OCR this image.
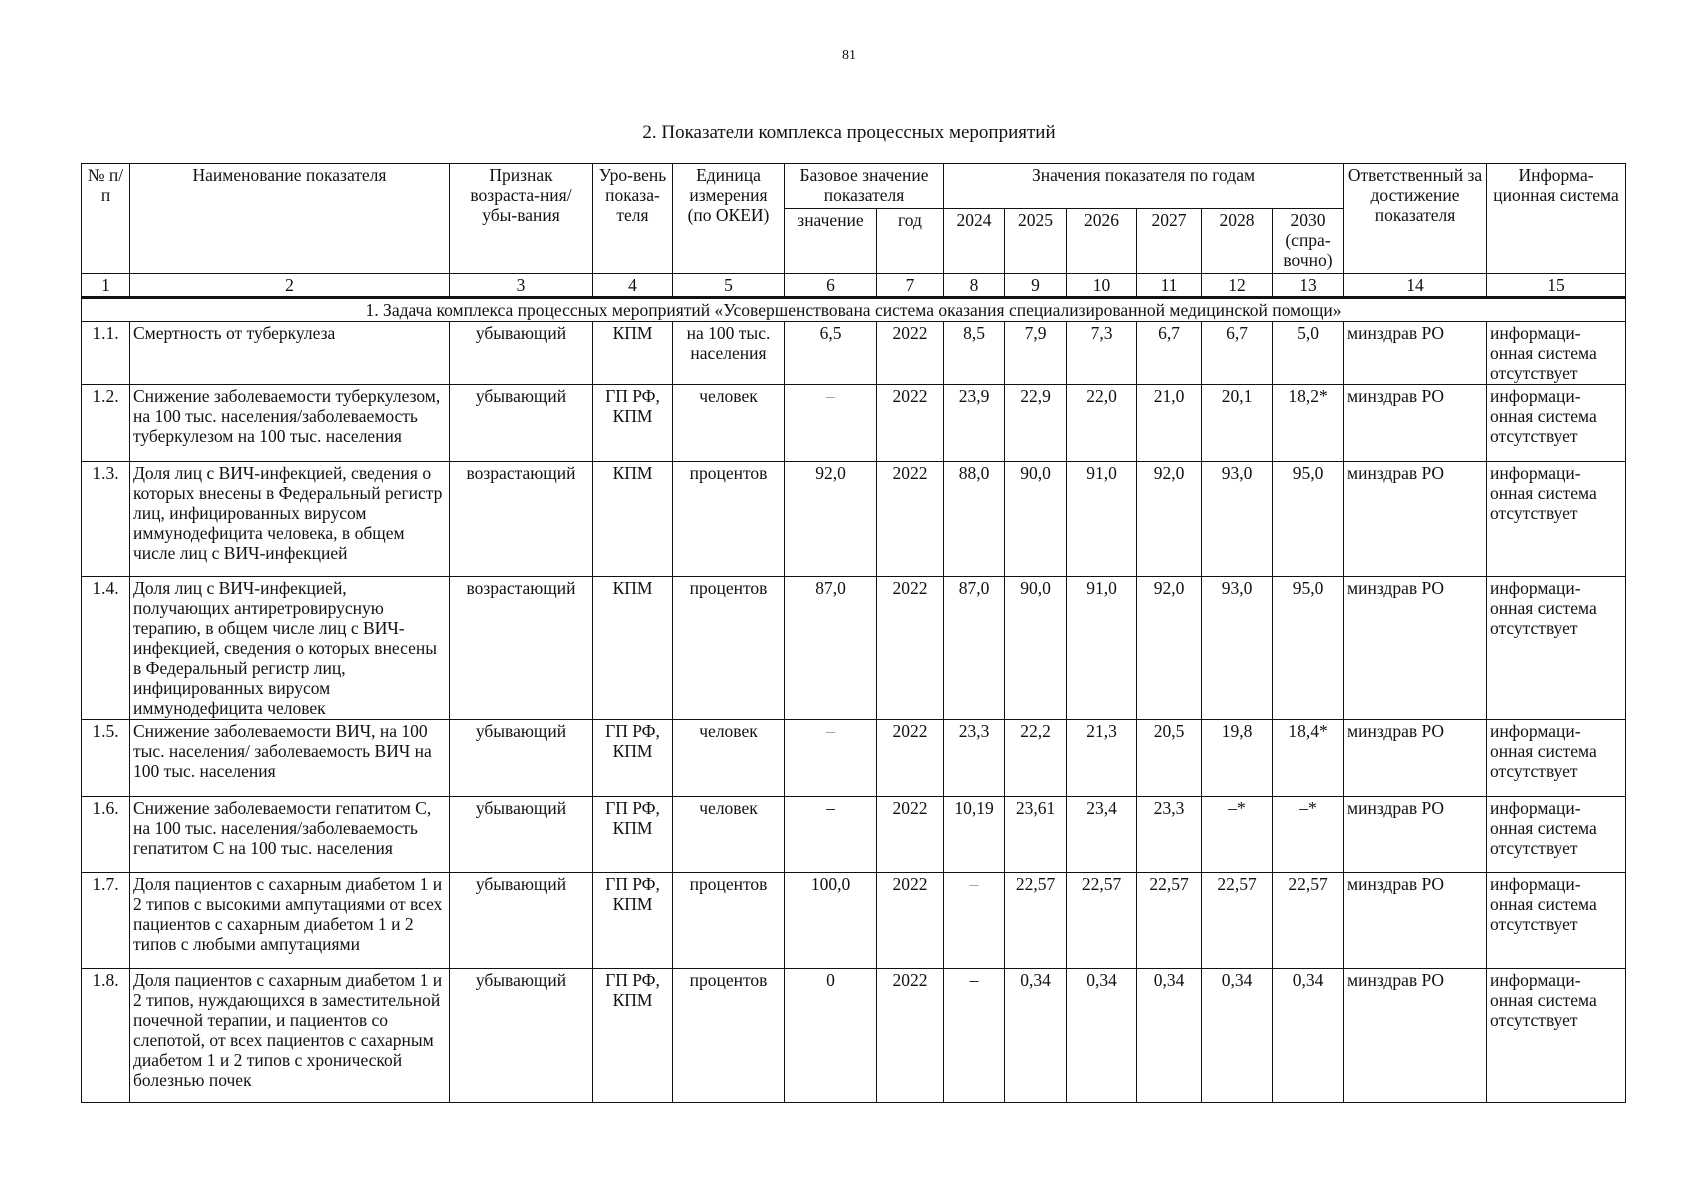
81
2. Показатели комплекса процессных мероприятий
№ п/п	Наименование показателя	Признак возраста-ния/убы-вания	Уро-вень показа-теля	Единица измерения (по ОКЕИ)	Базовое значение показателя		Значения показателя по годам						Ответственный за достижение показателя	Информа-ционная система
					значение	год	2024	2025	2026	2027	2028	2030 (спра-вочно)		
1	2	3	4	5	6	7	8	9	10	11	12	13	14	15
1. Задача комплекса процессных мероприятий «Усовершенствована система оказания специализированной медицинской помощи»														
1.1.	Смертность от туберкулеза	убывающий	КПМ	на 100 тыс. населения	6,5	2022	8,5	7,9	7,3	6,7	6,7	5,0	минздрав РО	информаци-онная система отсутствует
1.2.	Снижение заболеваемости туберкулезом, на 100 тыс. населения/заболеваемость туберкулезом на 100 тыс. населения	убывающий	ГП РФ, КПМ	человек	–	2022	23,9	22,9	22,0	21,0	20,1	18,2*	минздрав РО	информаци-онная система отсутствует
1.3.	Доля лиц с ВИЧ-инфекцией, сведения о которых внесены в Федеральный регистр лиц, инфицированных вирусом иммунодефицита человека, в общем числе лиц с ВИЧ-инфекцией	возрастающий	КПМ	процентов	92,0	2022	88,0	90,0	91,0	92,0	93,0	95,0	минздрав РО	информаци-онная система отсутствует
1.4.	Доля лиц с ВИЧ-инфекцией, получающих антиретровирусную терапию, в общем числе лиц с ВИЧ-инфекцией, сведения о которых внесены в Федеральный регистр лиц, инфицированных вирусом иммунодефицита человек	возрастающий	КПМ	процентов	87,0	2022	87,0	90,0	91,0	92,0	93,0	95,0	минздрав РО	информаци-онная система отсутствует
1.5.	Снижение заболеваемости ВИЧ, на 100 тыс. населения/ заболеваемость ВИЧ на 100 тыс. населения	убывающий	ГП РФ, КПМ	человек	–	2022	23,3	22,2	21,3	20,5	19,8	18,4*	минздрав РО	информаци-онная система отсутствует
1.6.	Снижение заболеваемости гепатитом С, на 100 тыс. населения/заболеваемость гепатитом С на 100 тыс. населения	убывающий	ГП РФ, КПМ	человек	–	2022	10,19	23,61	23,4	23,3	–*	–*	минздрав РО	информаци-онная система отсутствует
1.7.	Доля пациентов с сахарным диабетом 1 и 2 типов с высокими ампутациями от всех пациентов с сахарным диабетом 1 и 2 типов с любыми ампутациями	убывающий	ГП РФ, КПМ	процентов	100,0	2022	–	22,57	22,57	22,57	22,57	22,57	минздрав РО	информаци-онная система отсутствует
1.8.	Доля пациентов с сахарным диабетом 1 и 2 типов, нуждающихся в заместительной почечной терапии, и пациентов со слепотой, от всех пациентов с сахарным диабетом 1 и 2 типов с хронической болезнью почек	убывающий	ГП РФ, КПМ	процентов	0	2022	–	0,34	0,34	0,34	0,34	0,34	минздрав РО	информаци-онная система отсутствует
